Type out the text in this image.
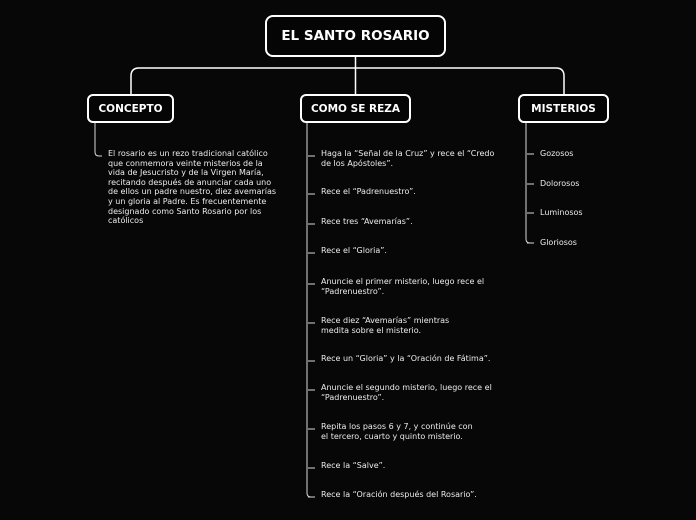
EL SANTO ROSARIO
CONCEPTO	COMO SE REZA	MISTERIOS
El rosario es un rezo tradicional católico
que conmemora veinte misterios de la
vida de Jesucristo y de la Virgen María,
recitando después de anunciar cada uno
de ellos un padre nuestro, diez avemarías
y un gloria al Padre. Es frecuentemente
designado como Santo Rosario por los
católicos
Haga la “Señal de la Cruz” y rece el “Credo
de los Apóstoles”.
Rece el “Padrenuestro”.
Rece tres “Avemarías”.
Rece el “Gloria”.
Anuncie el primer misterio, luego rece el
“Padrenuestro”.
Rece diez “Avemarías” mientras
medita sobre el misterio.
Rece un “Gloria” y la “Oración de Fátima”.
Anuncie el segundo misterio, luego rece el
“Padrenuestro”.
Repita los pasos 6 y 7, y continúe con
el tercero, cuarto y quinto misterio.
Rece la “Salve”.
Rece la “Oración después del Rosario”.
Gozosos
Dolorosos
Luminosos
Gloriosos
